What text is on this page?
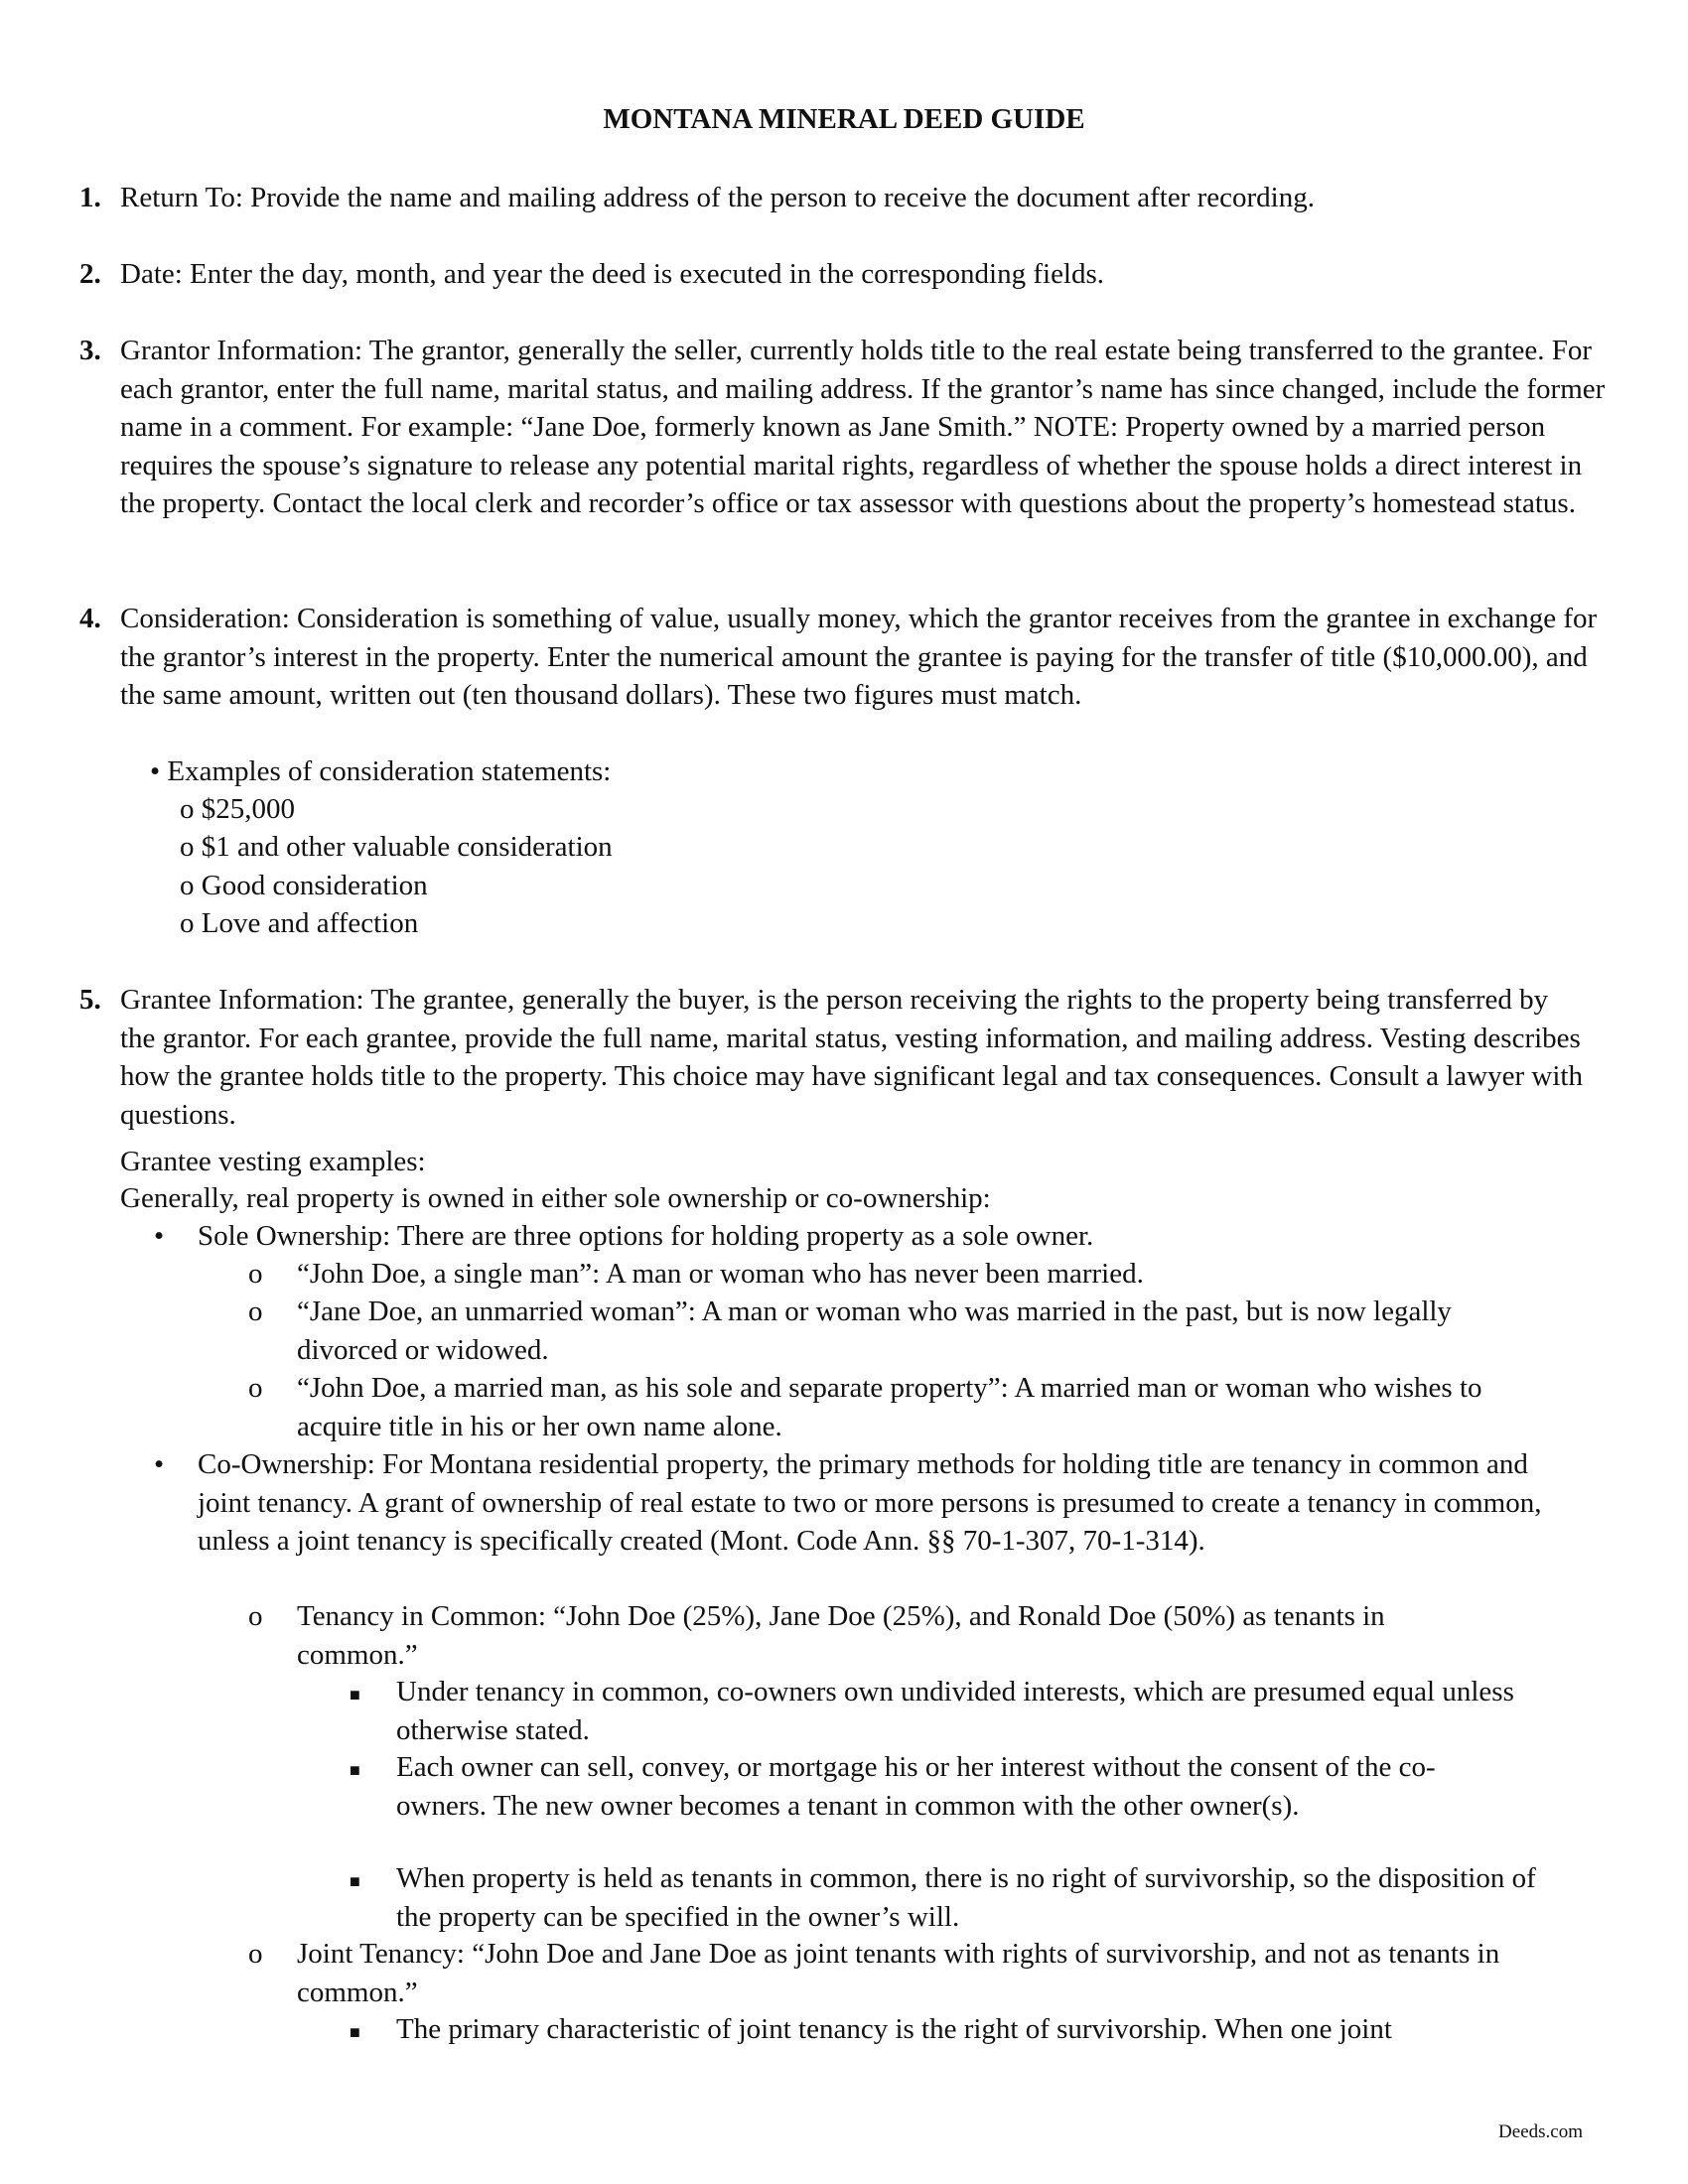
MONTANA MINERAL DEED GUIDE
1. Return To: Provide the name and mailing address of the person to receive the document after recording.

2. Date: Enter the day, month, and year the deed is executed in the corresponding fields.

3. Grantor Information: The grantor, generally the seller, currently holds title to the real estate being transferred to the grantee. For each grantor, enter the full name, marital status, and mailing address. If the grantor’s name has since changed, include the former name in a comment. For example: “Jane Doe, formerly known as Jane Smith.” NOTE: Property owned by a married person requires the spouse’s signature to release any potential marital rights, regardless of whether the spouse holds a direct interest in the property. Contact the local clerk and recorder’s office or tax assessor with questions about the property’s homestead status.

4. Consideration: Consideration is something of value, usually money, which the grantor receives from the grantee in exchange for the grantor’s interest in the property. Enter the numerical amount the grantee is paying for the transfer of title ($10,000.00), and the same amount, written out (ten thousand dollars). These two figures must match.

• Examples of consideration statements:
o $25,000
o $1 and other valuable consideration
o Good consideration
o Love and affection
5. Grantee Information: The grantee, generally the buyer, is the person receiving the rights to the property being transferred by the grantor. For each grantee, provide the full name, marital status, vesting information, and mailing address. Vesting describes how the grantee holds title to the property. This choice may have significant legal and tax consequences. Consult a lawyer with questions.

Grantee vesting examples:
Generally, real property is owned in either sole ownership or co-ownership:
• Sole Ownership: There are three options for holding property as a sole owner.
o “John Doe, a single man”: A man or woman who has never been married.
o “Jane Doe, an unmarried woman”: A man or woman who was married in the past, but is now legally divorced or widowed.
o “John Doe, a married man, as his sole and separate property”: A married man or woman who wishes to acquire title in his or her own name alone.
• Co-Ownership: For Montana residential property, the primary methods for holding title are tenancy in common and joint tenancy. A grant of ownership of real estate to two or more persons is presumed to create a tenancy in common, unless a joint tenancy is specifically created (Mont. Code Ann. §§ 70-1-307, 70-1-314).
o Tenancy in Common: “John Doe (25%), Jane Doe (25%), and Ronald Doe (50%) as tenants in common.”
■ Under tenancy in common, co-owners own undivided interests, which are presumed equal unless otherwise stated.
■ Each owner can sell, convey, or mortgage his or her interest without the consent of the co- owners. The new owner becomes a tenant in common with the other owner(s).
■ When property is held as tenants in common, there is no right of survivorship, so the disposition of the property can be specified in the owner’s will.
o Joint Tenancy: “John Doe and Jane Doe as joint tenants with rights of survivorship, and not as tenants in common.”
■ The primary characteristic of joint tenancy is the right of survivorship. When one joint
Deeds.com
